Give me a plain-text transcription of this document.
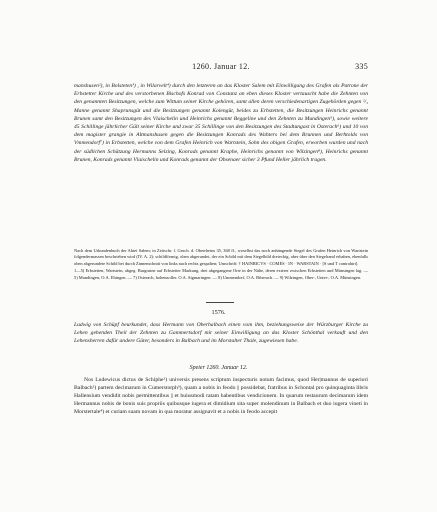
1260. Januar 12.	335

manshusen²), in Bolsteten³) , in Wilarvelt⁴) durch den letzteren an das Kloster Salem mit Einwilligung des Grafen als Patrone der Erbstetter Kirche und des verstorbenen Bischofs Konrad von Constanz an eben dieses Kloster vertauscht habe die Zehnten von den genannten Besitzungen, welche zum Wittum seiner Kirche gehören, samt allen deren verschiedenartigen Zugehörden gegen ²/₃ Manne genannt Shaprunsgüt und die Besitzungen genannt Kolengüt, beides zu Erbstetten, die Besitzungen Heinrichs genannt Brunen samt den Besitzungen des Vlaischelin und Heinrichs genannt Beggeline und den Zehnten zu Mundingen⁵), sowie weitere 45 Schillinge jährlicher Gült seiner Kirche und zwar 35 Schillinge von den Besitzungen des Stadtungast in Osterach⁶) und 10 von dem magister grangie in Altmanshusen gegen die Besitzungen Konrads des Wahters bei dem Brunnen und Berhtolds von Vmmendorf⁷) in Erbstetten, welche von dem Grafen Heinrich von Wartstein, Sohn des obigen Grafen, erworben wurden und nach der südlichen Schätzung Hermanns Selzing, Konrads genannt Kraphe, Heinrichs genannt von Wilzingen⁸), Heinrichs genannt Brunen, Konrads genannt Vlaischelin und Konrads genannt der Obsenaer sicher 3 Pfund Heller jährlich tragen.

Nach dem Urkundenbuch der Abtei Salem; in Zeitschr. f. Gesch. d. Oberrheins 35, 368 ff., woselbst das noch anhängende Siegel des Grafen Heinrich von Wartstein folgendermassen beschrieben wird (IV. A. 2): schildförmig, oben abgerundet, der ein Schild mit dem Siegelbild dreieckig, aber über den Siegelrand erhaben, ebenfalls oben abgerundete Schild bei durch Zinnenschnitt von links nach rechts gespalten; Umschrift: † HAINRICVS · COMES · IN · WARSTAIN · [S und T contrahirt].

1—5) Erbstetten, Wartstein, abgeg. Burgruine auf Erbstetter Markung, drei abgegangene Orte in der Nähe, deren exterer zwischen Erbstetten und Münsingen lag. — 5) Mundingen, O.A. Ehingen. — 7) Osterach, hohenzoller. O.A. Sigmaringen. — 8) Ummendorf, O.A. Biberach. — 9) Wilzingen, Ober-, Unter-, O.A. Münsingen.

1576.
Ludwig von Schüpf beurkundet, dass Hermann von Oberhalbach einen vom ihm, beziehungsweise der Würzburger Kirche zu Lehen gehenden Theil der Zehnten zu Gammertsdorf mit seiner Einwilligung an das Kloster Schönthal verkauft und den Lehensherren dafür andere Güter, besonders in Balbach und im Morstalter Thale, zugewiesen habe.
Speier 1260. Januar 12.

Nos Ludewicus dictus de Schiphe¹) universis presens scriptum inspecturis notum facimus, quod Her|mannus de superiori Balbach²) partem decimarum in Cumerstorph³), quam a nobis in feodo || possidebat, fratribus in Schontal pro quinquaginta libris Hallensium vendidit nobis permittentibus || et huiusmodi ratam habentibus vendicionem. In quarum restaurum decimarum idem Hermannus nobis de bonis suis propriis quibusque iugera et dimidium sita super molendinum in Balbach et duo iugera vineti in Morstertale⁴) et curiam suam novam in qua moratur assignavit et a nobis in feodo accepit
